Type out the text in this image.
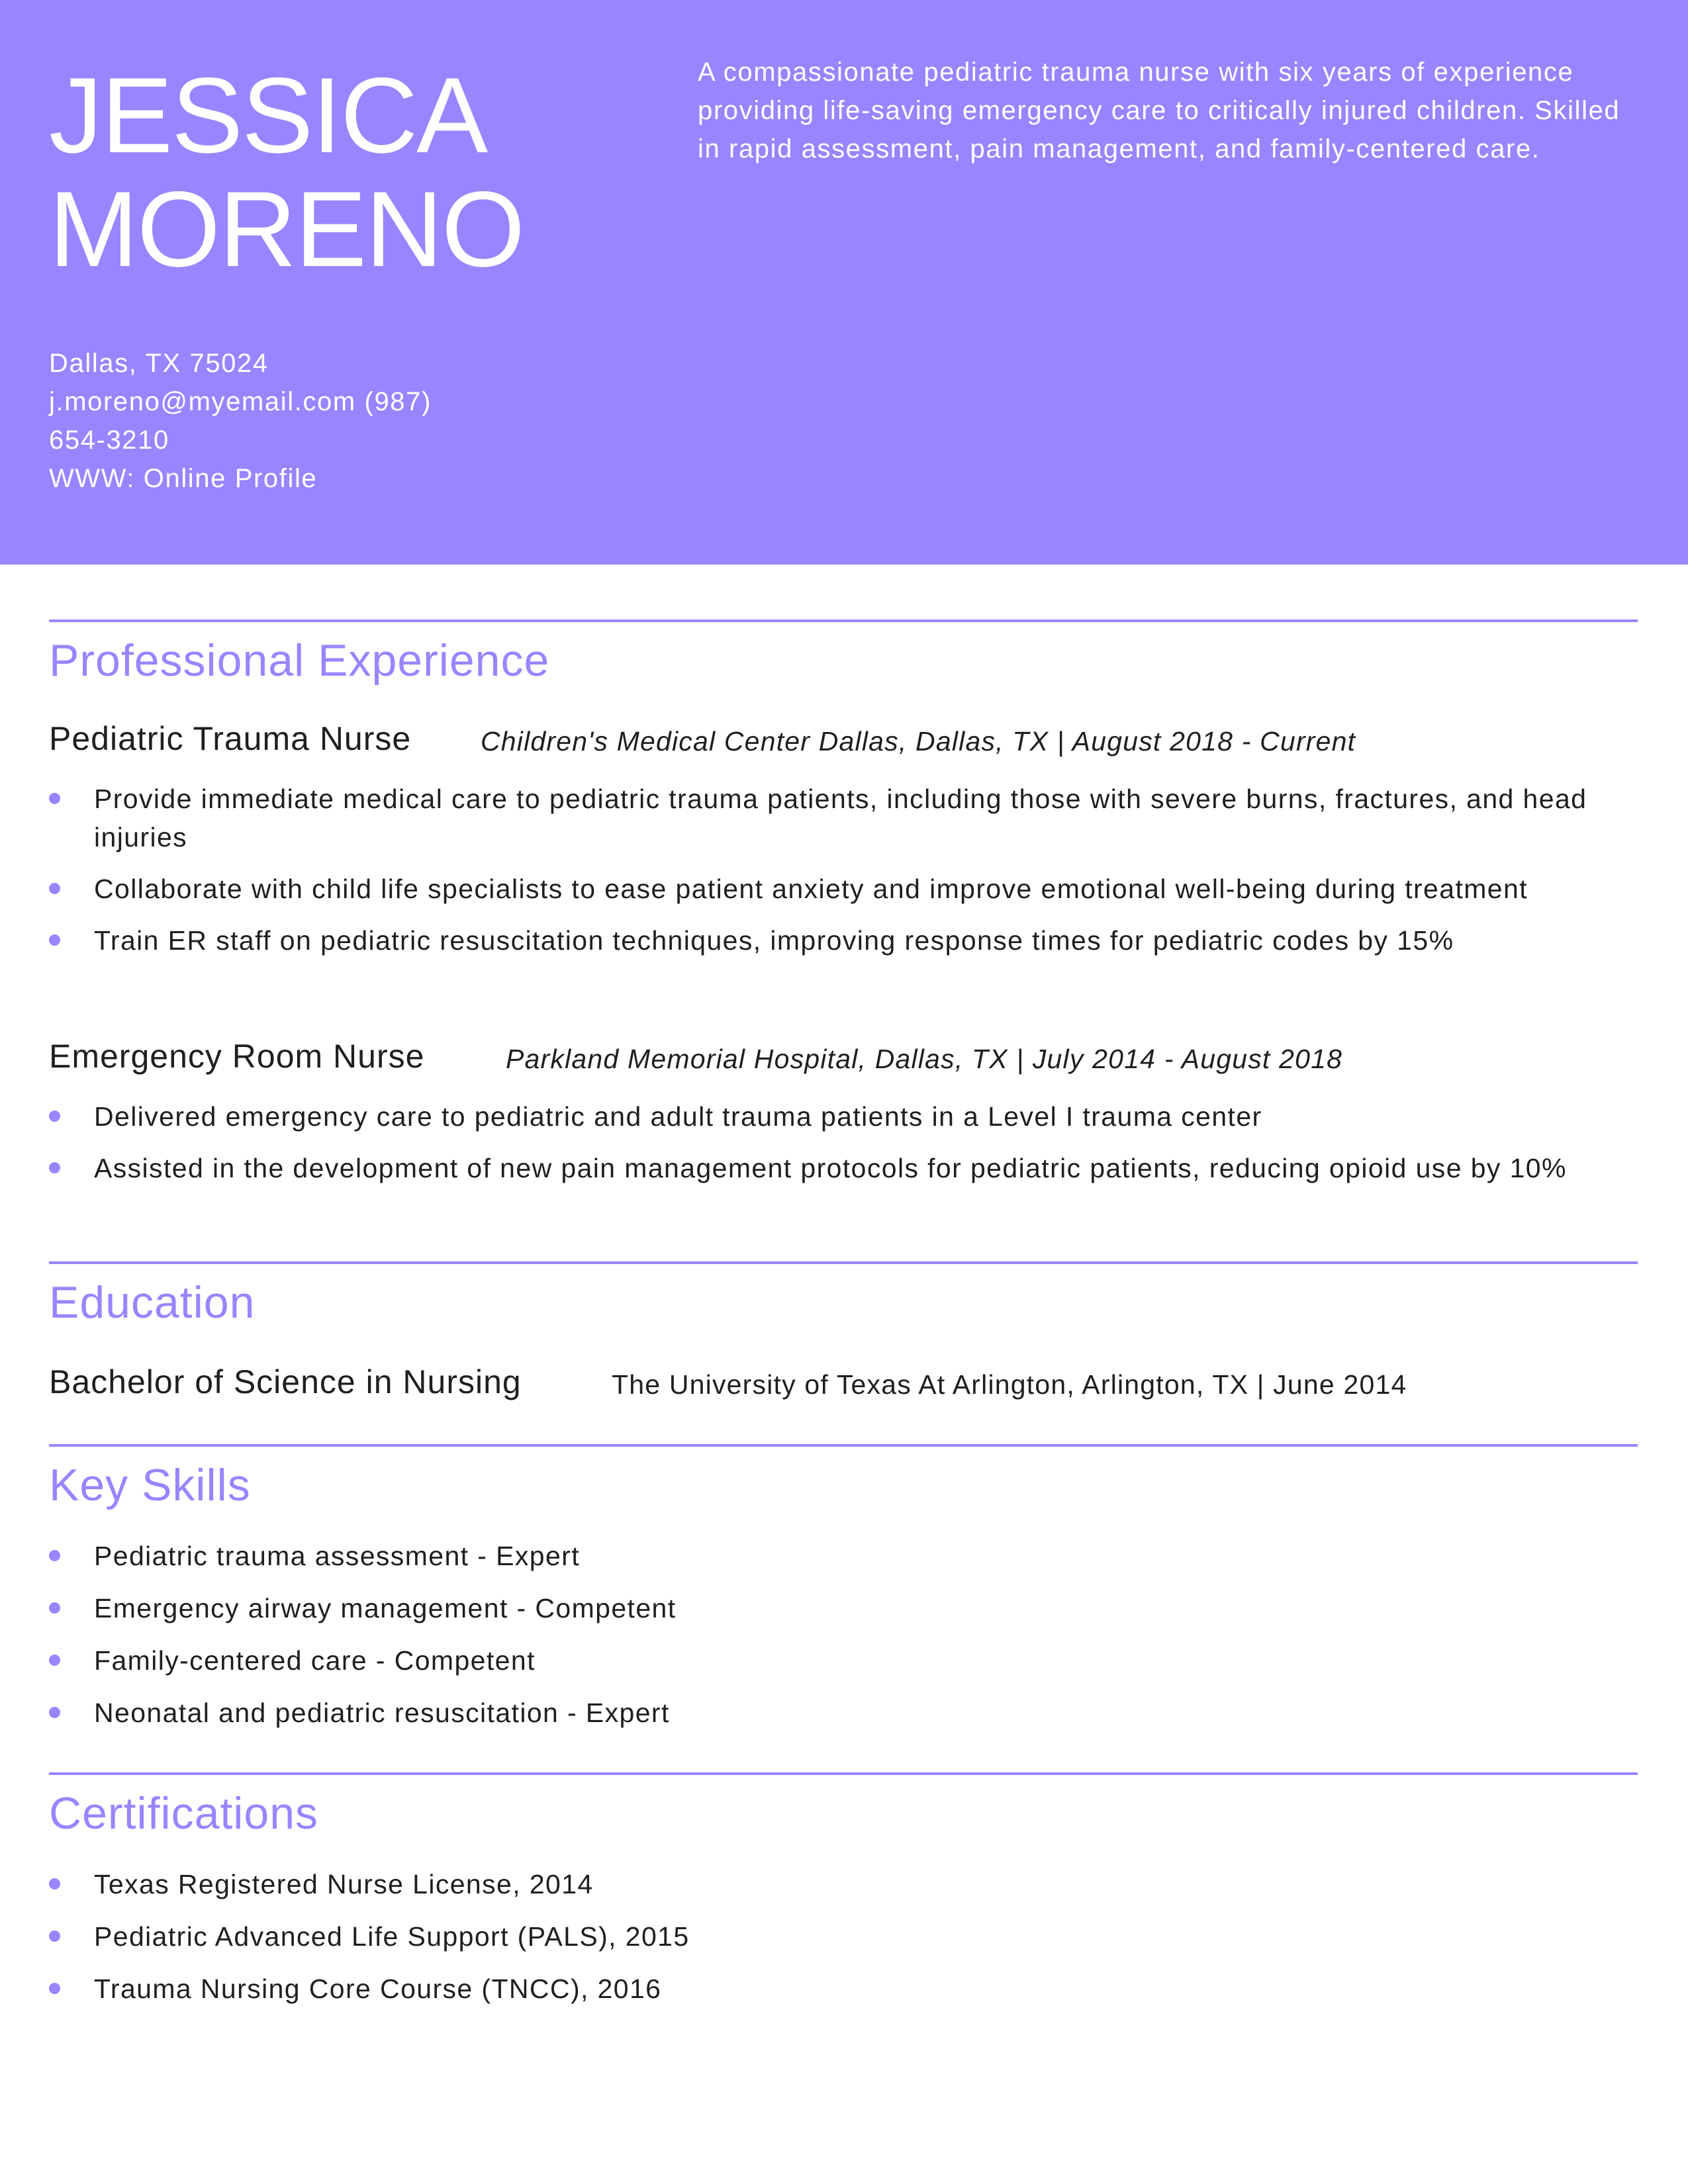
JESSICA
MORENO
A compassionate pediatric trauma nurse with six years of experience providing life-saving emergency care to critically injured children. Skilled in rapid assessment, pain management, and family-centered care.
Dallas, TX 75024
j.moreno@myemail.com (987)
654-3210
WWW: Online Profile
Professional Experience
Pediatric Trauma Nurse	Children's Medical Center Dallas, Dallas, TX | August 2018 - Current
Provide immediate medical care to pediatric trauma patients, including those with severe burns, fractures, and head injuries
Collaborate with child life specialists to ease patient anxiety and improve emotional well-being during treatment
Train ER staff on pediatric resuscitation techniques, improving response times for pediatric codes by 15%
Emergency Room Nurse	Parkland Memorial Hospital, Dallas, TX | July 2014 - August 2018
Delivered emergency care to pediatric and adult trauma patients in a Level I trauma center
Assisted in the development of new pain management protocols for pediatric patients, reducing opioid use by 10%
Education
Bachelor of Science in Nursing	The University of Texas At Arlington, Arlington, TX | June 2014
Key Skills
Pediatric trauma assessment - Expert
Emergency airway management - Competent
Family-centered care - Competent
Neonatal and pediatric resuscitation - Expert
Certifications
Texas Registered Nurse License, 2014
Pediatric Advanced Life Support (PALS), 2015
Trauma Nursing Core Course (TNCC), 2016
